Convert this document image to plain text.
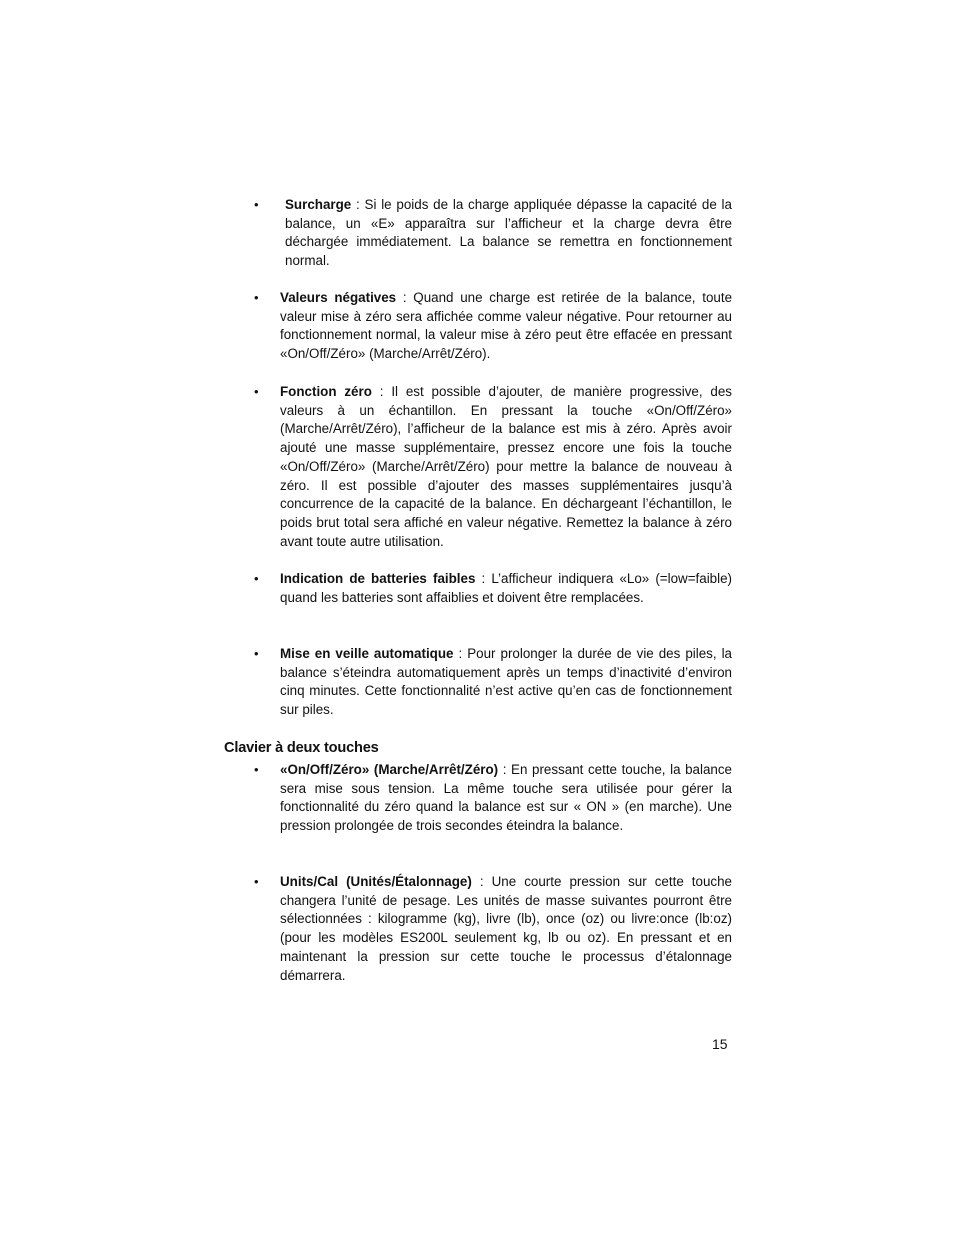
• Surcharge : Si le poids de la charge appliquée dépasse la capacité de la balance, un «E» apparaîtra sur l’afficheur et la charge devra être déchargée immédiatement. La balance se remettra en fonctionnement normal.
• Valeurs négatives : Quand une charge est retirée de la balance, toute valeur mise à zéro sera affichée comme valeur négative. Pour retourner au fonctionnement normal, la valeur mise à zéro peut être effacée en pressant «On/Off/Zéro» (Marche/Arrêt/Zéro).
• Fonction zéro : Il est possible d’ajouter, de manière progressive, des valeurs à un échantillon. En pressant la touche «On/Off/Zéro» (Marche/Arrêt/Zéro), l’afficheur de la balance est mis à zéro. Après avoir ajouté une masse supplémentaire, pressez encore une fois la touche «On/Off/Zéro» (Marche/Arrêt/Zéro) pour mettre la balance de nouveau à zéro. Il est possible d’ajouter des masses supplémentaires jusqu’à concurrence de la capacité de la balance. En déchargeant l’échantillon, le poids brut total sera affiché en valeur négative. Remettez la balance à zéro avant toute autre utilisation.
• Indication de batteries faibles : L’afficheur indiquera «Lo» (=low=faible) quand les batteries sont affaiblies et doivent être remplacées.
• Mise en veille automatique : Pour prolonger la durée de vie des piles, la balance s’éteindra automatiquement après un temps d’inactivité d’environ cinq minutes. Cette fonctionnalité n’est active qu’en cas de fonctionnement sur piles.
Clavier à deux touches
• «On/Off/Zéro» (Marche/Arrêt/Zéro) : En pressant cette touche, la balance sera mise sous tension. La même touche sera utilisée pour gérer la fonctionnalité du zéro quand la balance est sur « ON » (en marche). Une pression prolongée de trois secondes éteindra la balance.
• Units/Cal (Unités/Étalonnage) : Une courte pression sur cette touche changera l’unité de pesage. Les unités de masse suivantes pourront être sélectionnées : kilogramme (kg), livre (lb), once (oz) ou livre:once (lb:oz) (pour les modèles ES200L seulement kg, lb ou oz). En pressant et en maintenant la pression sur cette touche le processus d’étalonnage démarrera.
15
